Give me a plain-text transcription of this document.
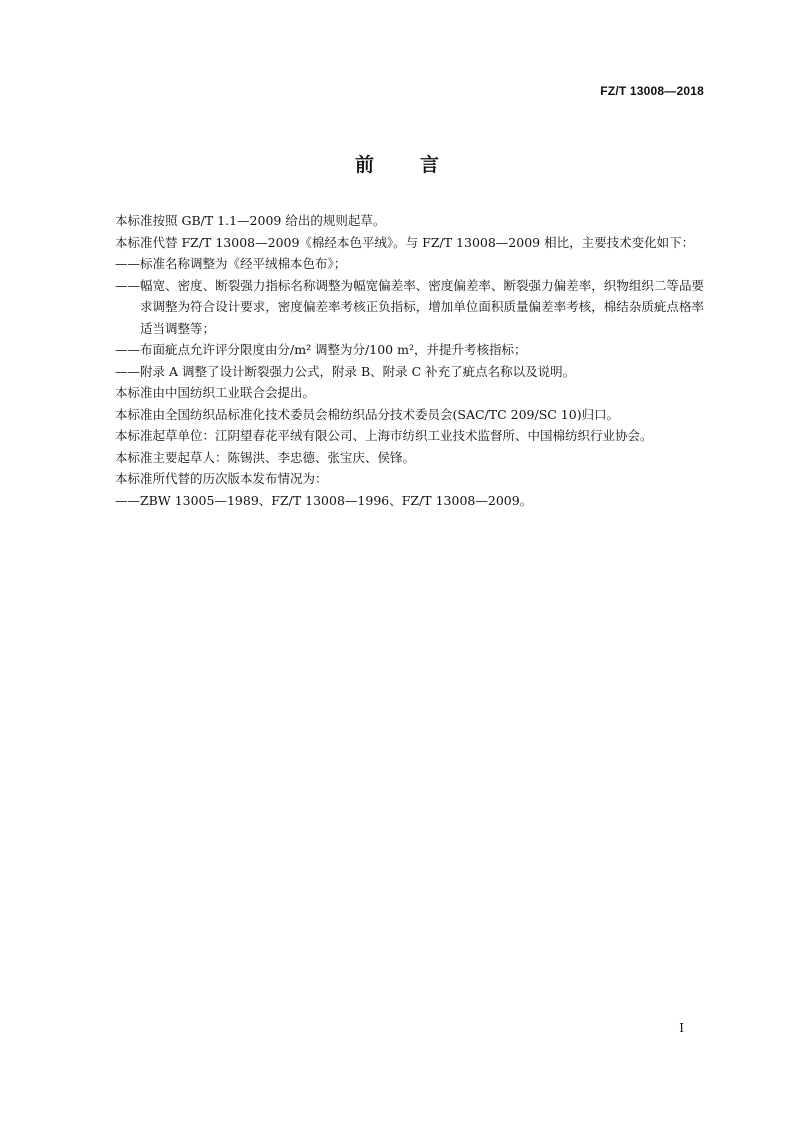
FZ/T 13008—2018
前言

本标准按照 GB/T 1.1—2009 给出的规则起草。

本标准代替 FZ/T 13008—2009《棉经本色平绒》。与 FZ/T 13008—2009 相比，主要技术变化如下：

——标准名称调整为《经平绒棉本色布》；

——幅宽、密度、断裂强力指标名称调整为幅宽偏差率、密度偏差率、断裂强力偏差率，织物组织二等品要求调整为符合设计要求，密度偏差率考核正负指标，增加单位面积质量偏差率考核，棉结杂质疵点格率适当调整等；

——布面疵点允许评分限度由分/m² 调整为分/100 m²，并提升考核指标；

——附录 A 调整了设计断裂强力公式，附录 B、附录 C 补充了疵点名称以及说明。

本标准由中国纺织工业联合会提出。

本标准由全国纺织品标准化技术委员会棉纺织品分技术委员会(SAC/TC 209/SC 10)归口。

本标准起草单位：江阴望春花平绒有限公司、上海市纺织工业技术监督所、中国棉纺织行业协会。

本标准主要起草人：陈锡洪、李忠德、张宝庆、侯锋。

本标准所代替的历次版本发布情况为：

——ZBW 13005—1989、FZ/T 13008—1996、FZ/T 13008—2009。

I
